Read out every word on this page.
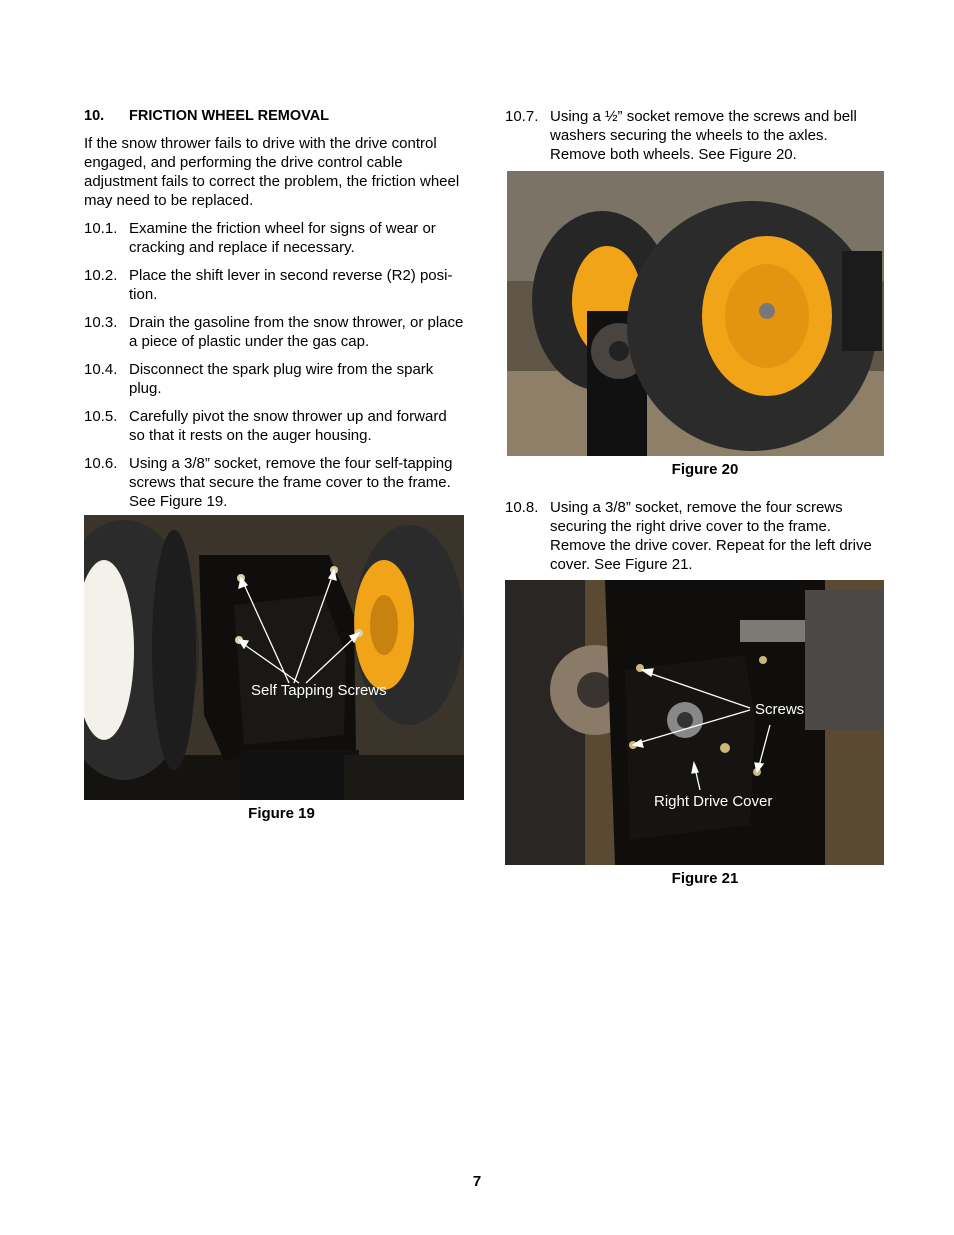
10.	FRICTION WHEEL REMOVAL
If the snow thrower fails to drive with the drive control engaged, and performing the drive control cable adjustment fails to correct the problem, the friction wheel may need to be replaced.
10.1. Examine the friction wheel for signs of wear or cracking and replace if necessary.
10.2. Place the shift lever in second reverse (R2) posi-tion.
10.3. Drain the gasoline from the snow thrower, or place a piece of plastic under the gas cap.
10.4. Disconnect the spark plug wire from the spark plug.
10.5. Carefully pivot the snow thrower up and forward so that it rests on the auger housing.
10.6. Using a 3/8” socket, remove the four self-tapping screws that secure the frame cover to the frame. See Figure 19.
Self Tapping Screws
Figure 19
10.7. Using a ½” socket remove the screws and bell washers securing the wheels to the axles. Remove both wheels. See Figure 20.
Figure 20
10.8. Using a 3/8” socket, remove the four screws securing the right drive cover to the frame. Remove the drive cover. Repeat for the left drive cover. See Figure 21.
Screws
Right Drive Cover
Figure 21
7
